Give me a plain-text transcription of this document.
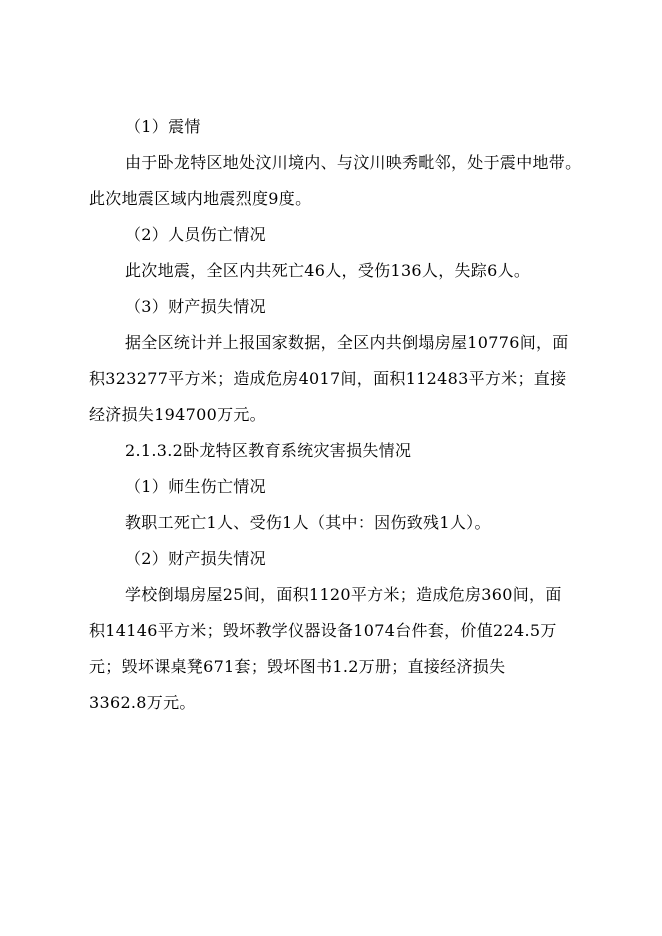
（1）震情
由于卧龙特区地处汶川境内、与汶川映秀毗邻，处于震中地带。
此次地震区域内地震烈度9度。
（2）人员伤亡情况
此次地震，全区内共死亡46人，受伤136人，失踪6人。
（3）财产损失情况
据全区统计并上报国家数据，全区内共倒塌房屋10776间，面
积323277平方米；造成危房4017间，面积112483平方米；直接
经济损失194700万元。
2.1.3.2卧龙特区教育系统灾害损失情况
（1）师生伤亡情况
教职工死亡1人、受伤1人（其中：因伤致残1人）。
（2）财产损失情况
学校倒塌房屋25间，面积1120平方米；造成危房360间，面
积14146平方米；毁坏教学仪器设备1074台件套，价值224.5万
元；毁坏课桌凳671套；毁坏图书1.2万册；直接经济损失
3362.8万元。
